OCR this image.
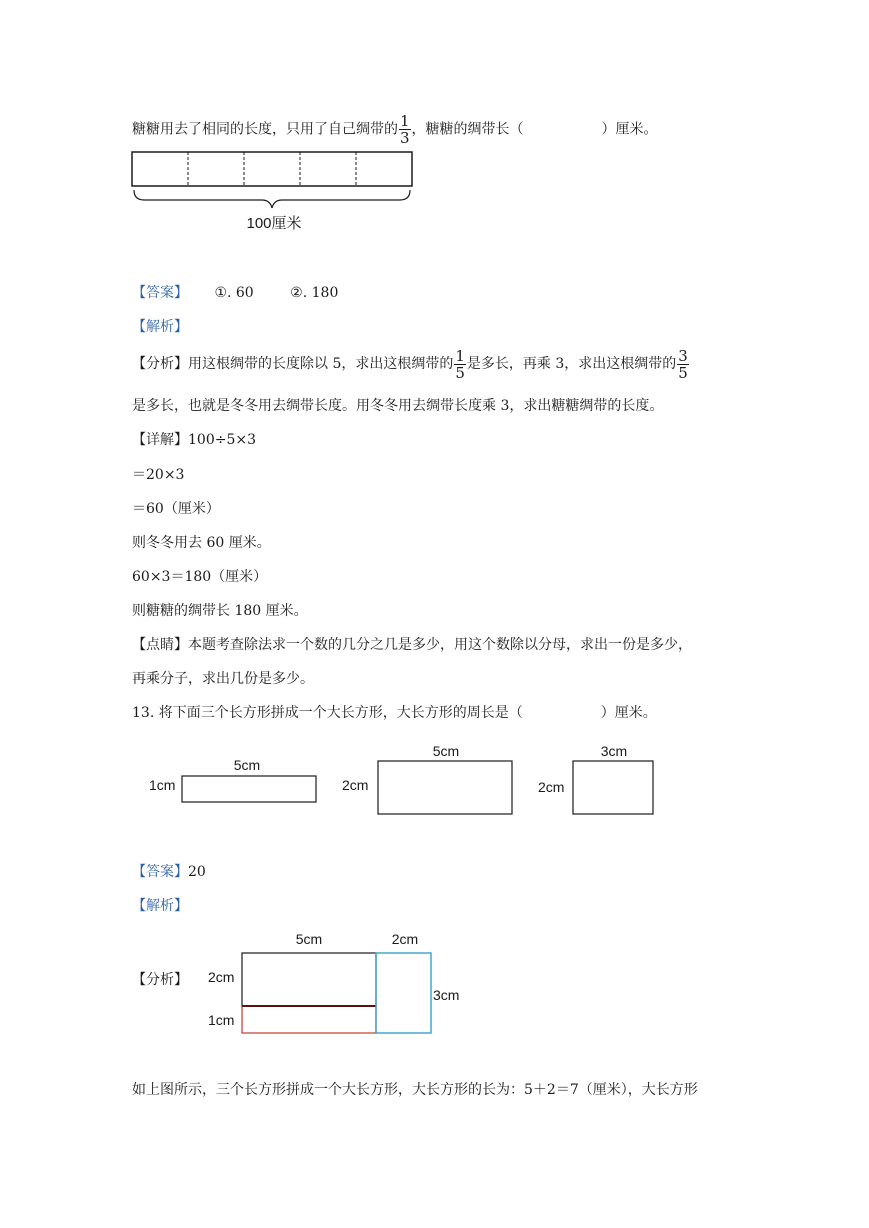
糖糖用去了相同的长度，只用了自己绸带的 $\frac{1}{3}$ ，糖糖的绸带长（	）厘米。
100厘米
【答案】 ①. 60	②. 180
【解析】
【分析】用这根绸带的长度除以 5，求出这根绸带的 $\frac{1}{5}$ 是多长，再乘 3，求出这根绸带的 $\frac{3}{5}$
是多长，也就是冬冬用去绸带长度。用冬冬用去绸带长度乘 3，求出糖糖绸带的长度。
【详解】100÷5×3
＝20×3
＝60（厘米）
则冬冬用去 60 厘米。
60×3＝180（厘米）
则糖糖的绸带长 180 厘米。
【点睛】本题考查除法求一个数的几分之几是多少，用这个数除以分母，求出一份是多少，
再乘分子，求出几份是多少。
13. 将下面三个长方形拼成一个大长方形，大长方形的周长是（	）厘米。
5cm
1cm
5cm
2cm
3cm
2cm
【答案】20
【解析】
【分析】
5cm	2cm
2cm
1cm
3cm
如上图所示，三个长方形拼成一个大长方形，大长方形的长为：5＋2＝7（厘米），大长方形
